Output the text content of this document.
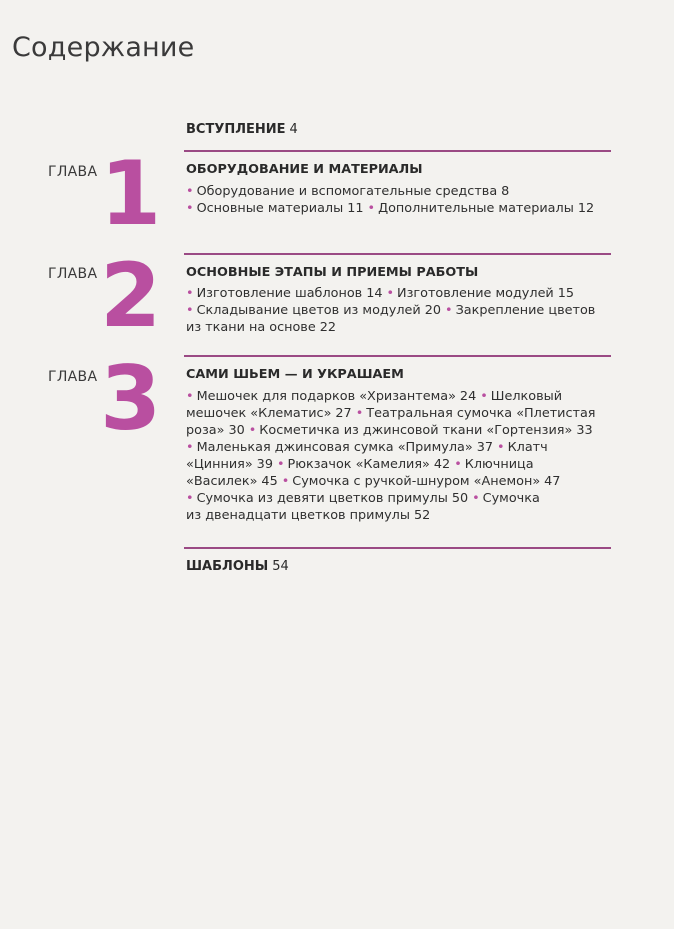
Содержание
ВСТУПЛЕНИЕ 4
ГЛАВА 1 ОБОРУДОВАНИЕ И МАТЕРИАЛЫ
• Оборудование и вспомогательные средства 8
• Основные материалы 11 • Дополнительные материалы 12
ГЛАВА 2 ОСНОВНЫЕ ЭТАПЫ И ПРИЕМЫ РАБОТЫ
• Изготовление шаблонов 14 • Изготовление модулей 15
• Складывание цветов из модулей 20 • Закрепление цветов
из ткани на основе 22
ГЛАВА 3 САМИ ШЬЕМ — И УКРАШАЕМ
• Мешочек для подарков «Хризантема» 24 • Шелковый
мешочек «Клематис» 27 • Театральная сумочка «Плетистая
роза» 30 • Косметичка из джинсовой ткани «Гортензия» 33
• Маленькая джинсовая сумка «Примула» 37 • Клатч
«Цинния» 39 • Рюкзачок «Камелия» 42 • Ключница
«Василек» 45 • Сумочка с ручкой-шнуром «Анемон» 47
• Сумочка из девяти цветков примулы 50 • Сумочка
из двенадцати цветков примулы 52
ШАБЛОНЫ 54
